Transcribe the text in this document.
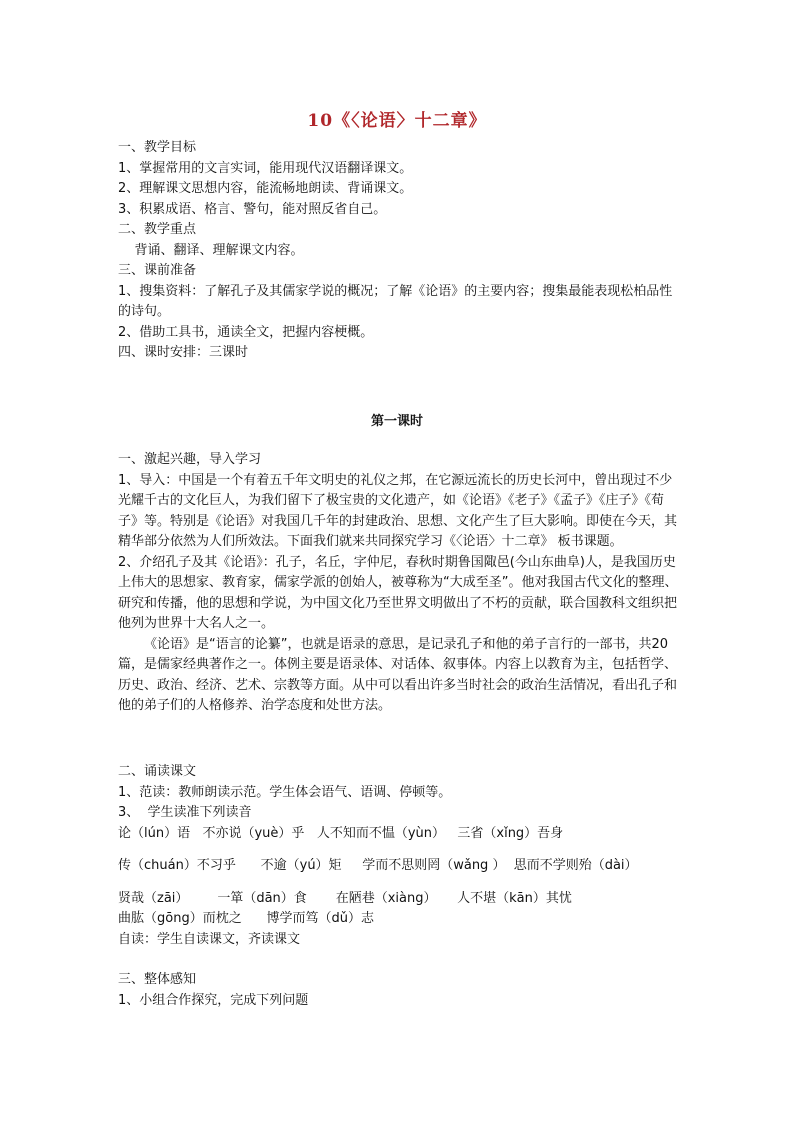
10《〈论语〉十二章》

一、教学目标

1、掌握常用的文言实词，能用现代汉语翻译课文。

2、理解课文思想内容，能流畅地朗读、背诵课文。

3、积累成语、格言、警句，能对照反省自己。

二、教学重点

背诵、翻译、理解课文内容。

三、课前准备

1、搜集资料：了解孔子及其儒家学说的概况；了解《论语》的主要内容；搜集最能表现松柏品性的诗句。

2、借助工具书，通读全文，把握内容梗概。

四、课时安排：三课时

第一课时

一、激起兴趣，导入学习

1、导入：中国是一个有着五千年文明史的礼仪之邦，在它源远流长的历史长河中，曾出现过不少光耀千古的文化巨人，为我们留下了极宝贵的文化遗产，如《论语》《老子》《孟子》《庄子》《荀子》等。特别是《论语》对我国几千年的封建政治、思想、文化产生了巨大影响。即使在今天，其精华部分依然为人们所效法。下面我们就来共同探究学习《〈论语〉十二章》 板书课题。

2、介绍孔子及其《论语》：孔子，名丘，字仲尼，春秋时期鲁国陬邑(今山东曲阜)人，是我国历史上伟大的思想家、教育家，儒家学派的创始人，被尊称为“大成至圣”。他对我国古代文化的整理、研究和传播，他的思想和学说，为中国文化乃至世界文明做出了不朽的贡献，联合国教科文组织把他列为世界十大名人之一。

《论语》是“语言的论纂”，也就是语录的意思，是记录孔子和他的弟子言行的一部书，共20篇，是儒家经典著作之一。体例主要是语录体、对话体、叙事体。内容上以教育为主，包括哲学、历史、政治、经济、艺术、宗教等方面。从中可以看出许多当时社会的政治生活情况，看出孔子和他的弟子们的人格修养、治学态度和处世方法。

二、诵读课文

1、范读：教师朗读示范。学生体会语气、语调、停顿等。

3、  学生读准下列读音

论（lún）语   不亦说（yuè）乎   人不知而不愠（yùn）   三省（xǐng）吾身

传（chuán）不习乎      不逾（yú）矩     学而不思则罔（wǎng ）  思而不学则殆（dài）

贤哉（zāi）       一箪（dān）食       在陋巷（xiàng）     人不堪（kān）其忧

曲肱（gōng）而枕之      博学而笃（dǔ）志

自读：学生自读课文，齐读课文

三、整体感知

1、小组合作探究，完成下列问题
